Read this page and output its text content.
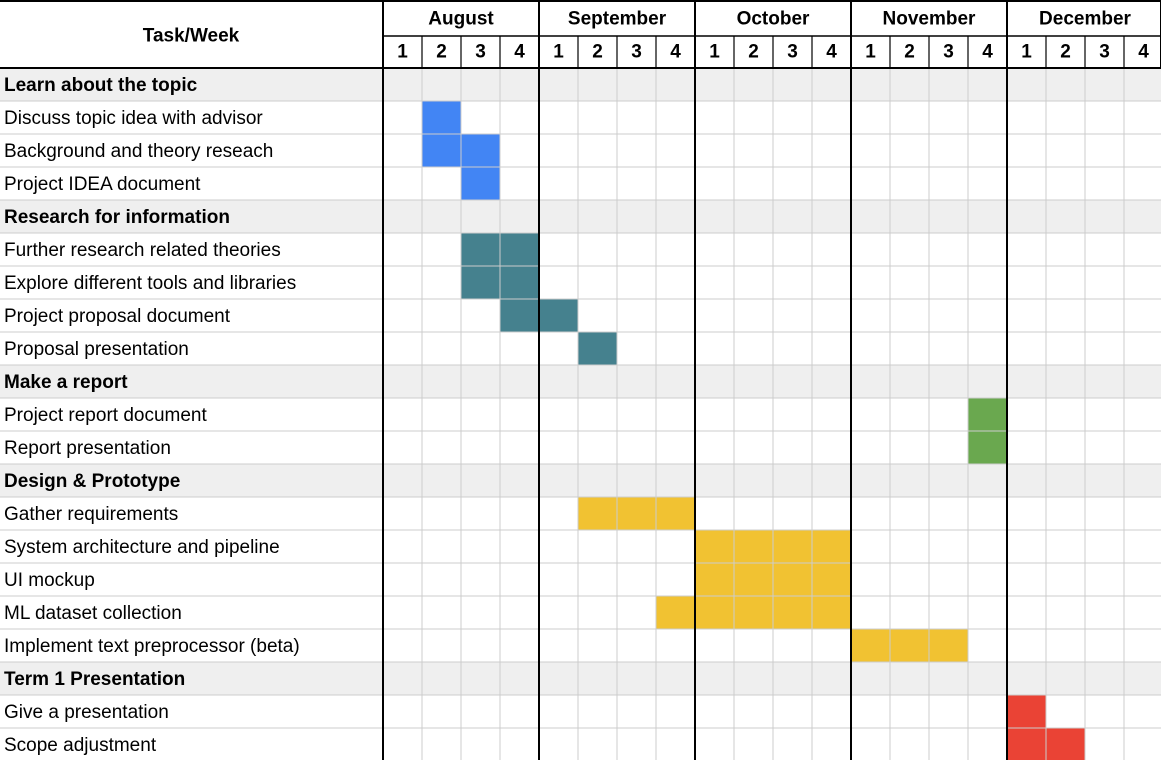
Task/Week
Learn about the topic
Discuss topic idea with advisor
Background and theory reseach
Project IDEA document
Research for information
Further research related theories
Explore different tools and libraries
Project proposal document
Proposal presentation
Make a report
Project report document
Report presentation
Design & Prototype
Gather requirements
System architecture and pipeline
UI mockup
ML dataset collection
Implement text preprocessor (beta)
Term 1 Presentation
Give a presentation
Scope adjustment
August
1 2 3 4
September
1 2 3 4
October
1 2 3 4
November
1 2 3 4
December
1 2 3 4
